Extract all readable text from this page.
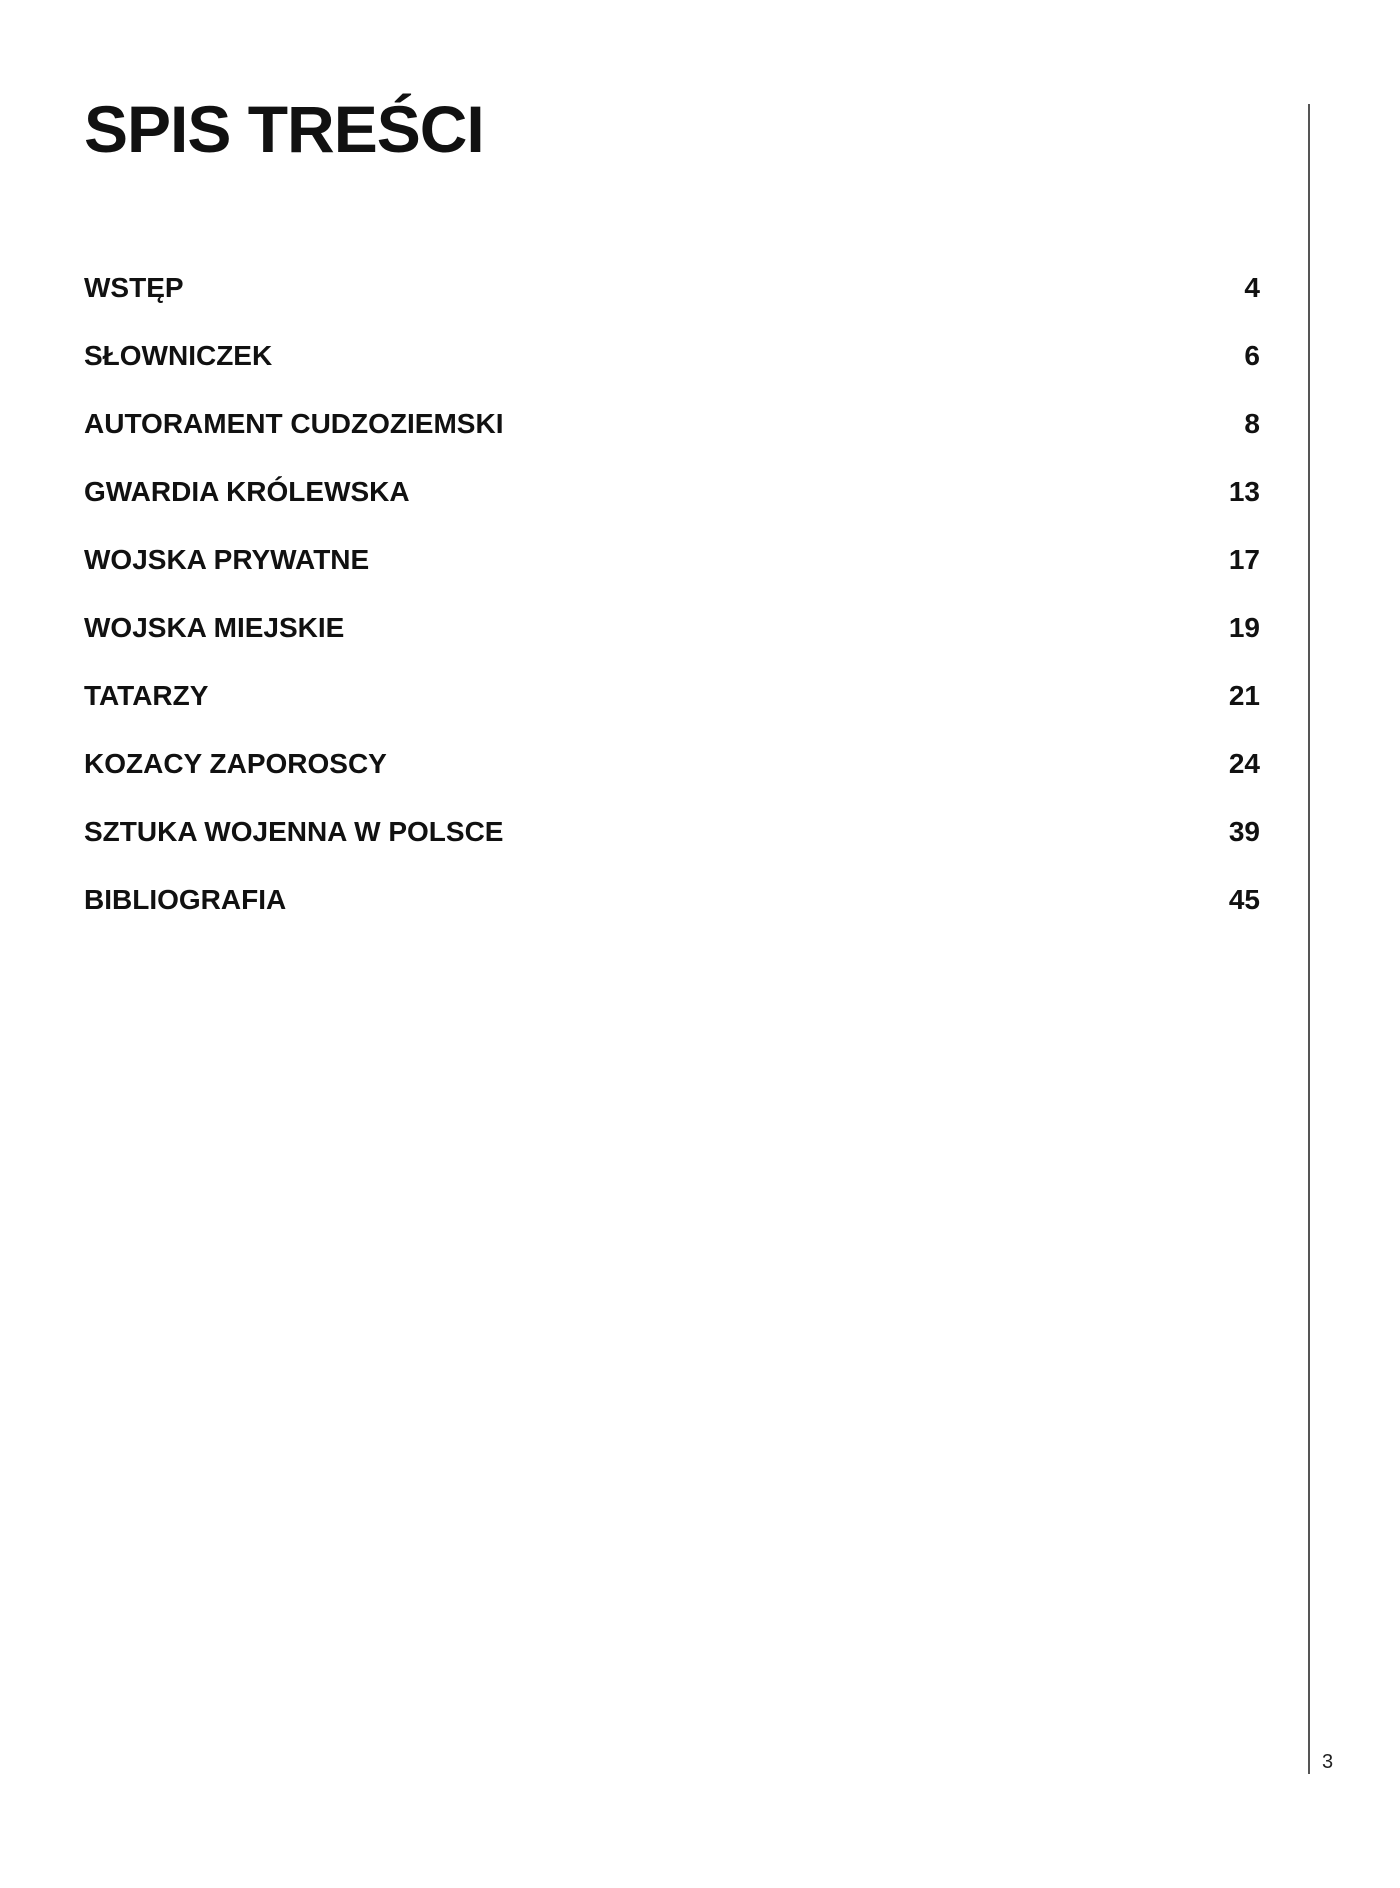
SPIS TREŚCI
WSTĘP	4
SŁOWNICZEK	6
AUTORAMENT CUDZOZIEMSKI	8
GWARDIA KRÓLEWSKA	13
WOJSKA PRYWATNE	17
WOJSKA MIEJSKIE	19
TATARZY	21
KOZACY ZAPOROSCY	24
SZTUKA WOJENNA W POLSCE	39
BIBLIOGRAFIA	45
3
